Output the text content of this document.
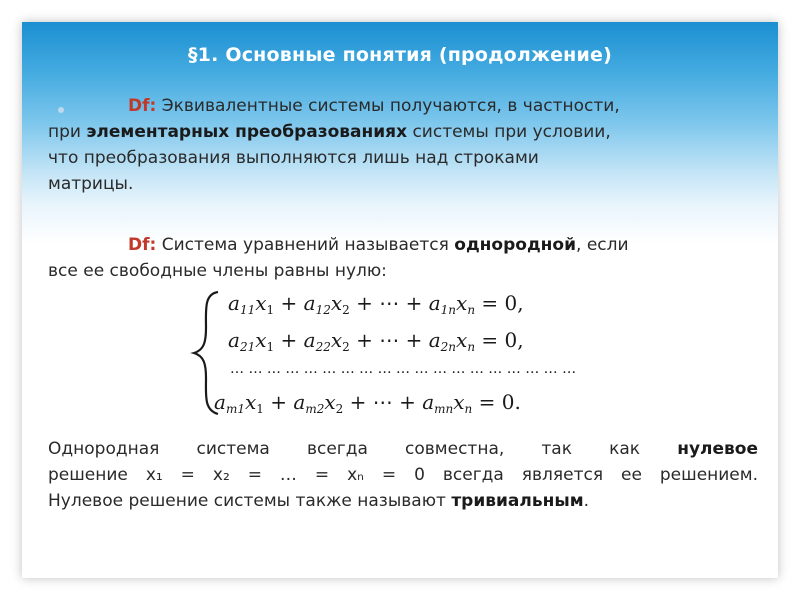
§1. Основные понятия (продолжение)
Df: Эквивалентные системы получаются, в частности,
при элементарных преобразованиях системы при условии,
что преобразования выполняются лишь над строками
матрицы.
Df: Система уравнений называется однородной, если
все ее свободные члены равны нулю:
$a_{11}x_1 + a_{12}x_2$ + ⋯ + $a_{1n}x_n = 0$,
$a_{21}x_1 + a_{22}x_2$ + ⋯ + $a_{2n}x_n = 0$,
… … … … … … … … … … … … … … … … … … …
$a_{m1}x_1 + a_{m2}x_2$ + ⋯ + $a_{mn}x_n = 0$.
Однородная система всегда совместна, так как нулевое
решение x₁ = x₂ = … = xₙ = 0 всегда является ее решением.
Нулевое решение системы также называют тривиальным.
